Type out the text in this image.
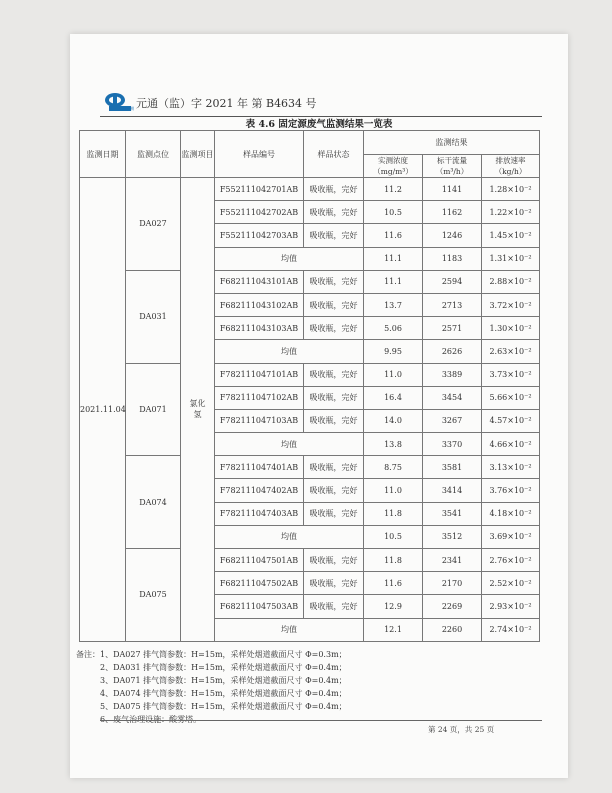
元通检测 元通（监）字 2021 年 第 B4634 号
表 4.6 固定源废气监测结果一览表
监测日期	监测点位	监测项目	样品编号	样品状态	监测结果		
					实测浓度（mg/m³）	标干流量（m³/h）	排放速率（kg/h）
2021.11.04	DA027	氯化氢	F552111042701AB	吸收瓶，完好	11.2	1141	1.28×10⁻²
			F552111042702AB	吸收瓶，完好	10.5	1162	1.22×10⁻²
			F552111042703AB	吸收瓶，完好	11.6	1246	1.45×10⁻²
			均值		11.1	1183	1.31×10⁻²
	DA031		F682111043101AB	吸收瓶，完好	11.1	2594	2.88×10⁻²
			F682111043102AB	吸收瓶，完好	13.7	2713	3.72×10⁻²
			F682111043103AB	吸收瓶，完好	5.06	2571	1.30×10⁻²
			均值		9.95	2626	2.63×10⁻²
	DA071		F782111047101AB	吸收瓶，完好	11.0	3389	3.73×10⁻²
			F782111047102AB	吸收瓶，完好	16.4	3454	5.66×10⁻²
			F782111047103AB	吸收瓶，完好	14.0	3267	4.57×10⁻²
			均值		13.8	3370	4.66×10⁻²
	DA074		F782111047401AB	吸收瓶，完好	8.75	3581	3.13×10⁻²
			F782111047402AB	吸收瓶，完好	11.0	3414	3.76×10⁻²
			F782111047403AB	吸收瓶，完好	11.8	3541	4.18×10⁻²
			均值		10.5	3512	3.69×10⁻²
	DA075		F682111047501AB	吸收瓶，完好	11.8	2341	2.76×10⁻²
			F682111047502AB	吸收瓶，完好	11.6	2170	2.52×10⁻²
			F682111047503AB	吸收瓶，完好	12.9	2269	2.93×10⁻²
			均值		12.1	2260	2.74×10⁻²
备注：1、DA027 排气筒参数：H=15m，采样处烟道截面尺寸 Φ=0.3m；
　　　2、DA031 排气筒参数：H=15m，采样处烟道截面尺寸 Φ=0.4m；
　　　3、DA071 排气筒参数：H=15m，采样处烟道截面尺寸 Φ=0.4m；
　　　4、DA074 排气筒参数：H=15m，采样处烟道截面尺寸 Φ=0.4m；
　　　5、DA075 排气筒参数：H=15m，采样处烟道截面尺寸 Φ=0.4m；
　　　6、废气治理设施：酸雾塔。
第 24 页，共 25 页
